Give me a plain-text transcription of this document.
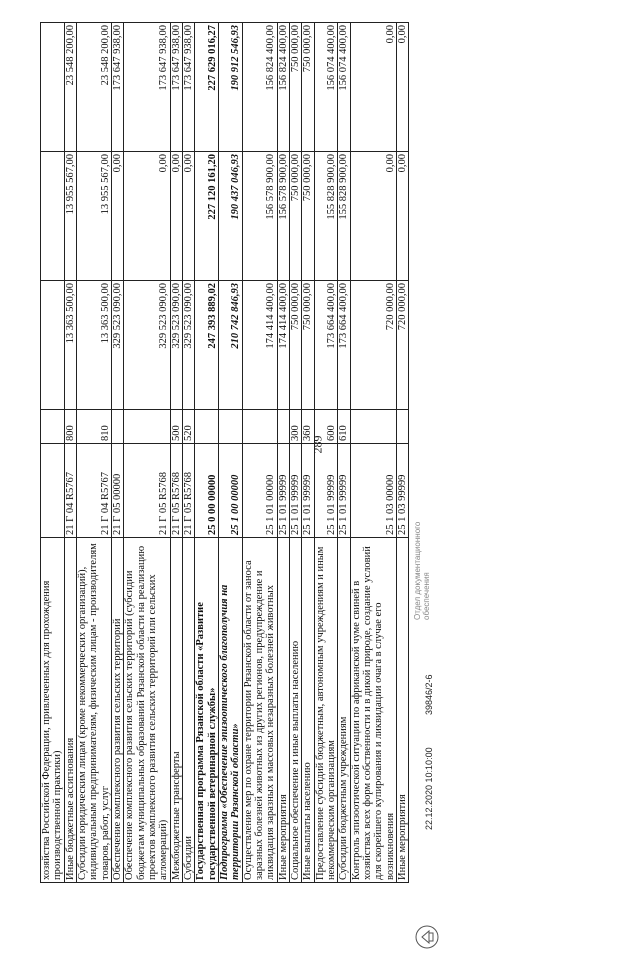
289
хозяйства Российской Федерации, привлеченных для прохождения производственной практики)					
Иные бюджетные ассигнования	21 Г 04 R5767	800	13 363 500,00	13 955 567,00	23 548 200,00
Субсидии юридическим лицам (кроме некоммерческих организаций), индивидуальным предпринимателям, физическим лицам - производителям товаров, работ, услуг	21 Г 04 R5767	810	13 363 500,00	13 955 567,00	23 548 200,00
Обеспечение комплексного развития сельских территорий	21 Г 05 00000		329 523 090,00	0,00	173 647 938,00
Обеспечение комплексного развития сельских территорий (субсидии бюджетам муниципальных образований Рязанской области на реализацию проектов комплексного развития сельских территорий или сельских агломераций)	21 Г 05 R5768		329 523 090,00	0,00	173 647 938,00
Межбюджетные трансферты	21 Г 05 R5768	500	329 523 090,00	0,00	173 647 938,00
Субсидии	21 Г 05 R5768	520	329 523 090,00	0,00	173 647 938,00
Государственная программа Рязанской области «Развитие государственной ветеринарной службы»	25 0 00 00000		247 393 889,02	227 120 161,20	227 629 016,27
Подпрограмма «Обеспечение эпизоотического благополучия на территории Рязанской области»	25 1 00 00000		210 742 846,93	190 437 046,93	190 912 546,93
Осуществление мер по охране территории Рязанской области от заноса заразных болезней животных из других регионов, предупреждение и ликвидация заразных и массовых незаразных болезней животных	25 1 01 00000		174 414 400,00	156 578 900,00	156 824 400,00
Иные мероприятия	25 1 01 99999		174 414 400,00	156 578 900,00	156 824 400,00
Социальное обеспечение и иные выплаты населению	25 1 01 99999	300	750 000,00	750 000,00	750 000,00
Иные выплаты населению	25 1 01 99999	360	750 000,00	750 000,00	750 000,00
Предоставление субсидий бюджетным, автономным учреждениям и иным некоммерческим организациям	25 1 01 99999	600	173 664 400,00	155 828 900,00	156 074 400,00
Субсидии бюджетным учреждениям	25 1 01 99999	610	173 664 400,00	155 828 900,00	156 074 400,00
Контроль эпизоотической ситуации по африканской чуме свиней в хозяйствах всех форм собственности и в дикой природе, создание условий для скорейшего купирования и ликвидации очага в случае его возникновения	25 1 03 00000		720 000,00	0,00	0,00
Иные мероприятия	25 1 03 99999		720 000,00	0,00	0,00
22.12.2020 10:10:00
39846/2-6
Отдел документационного обеспечения
